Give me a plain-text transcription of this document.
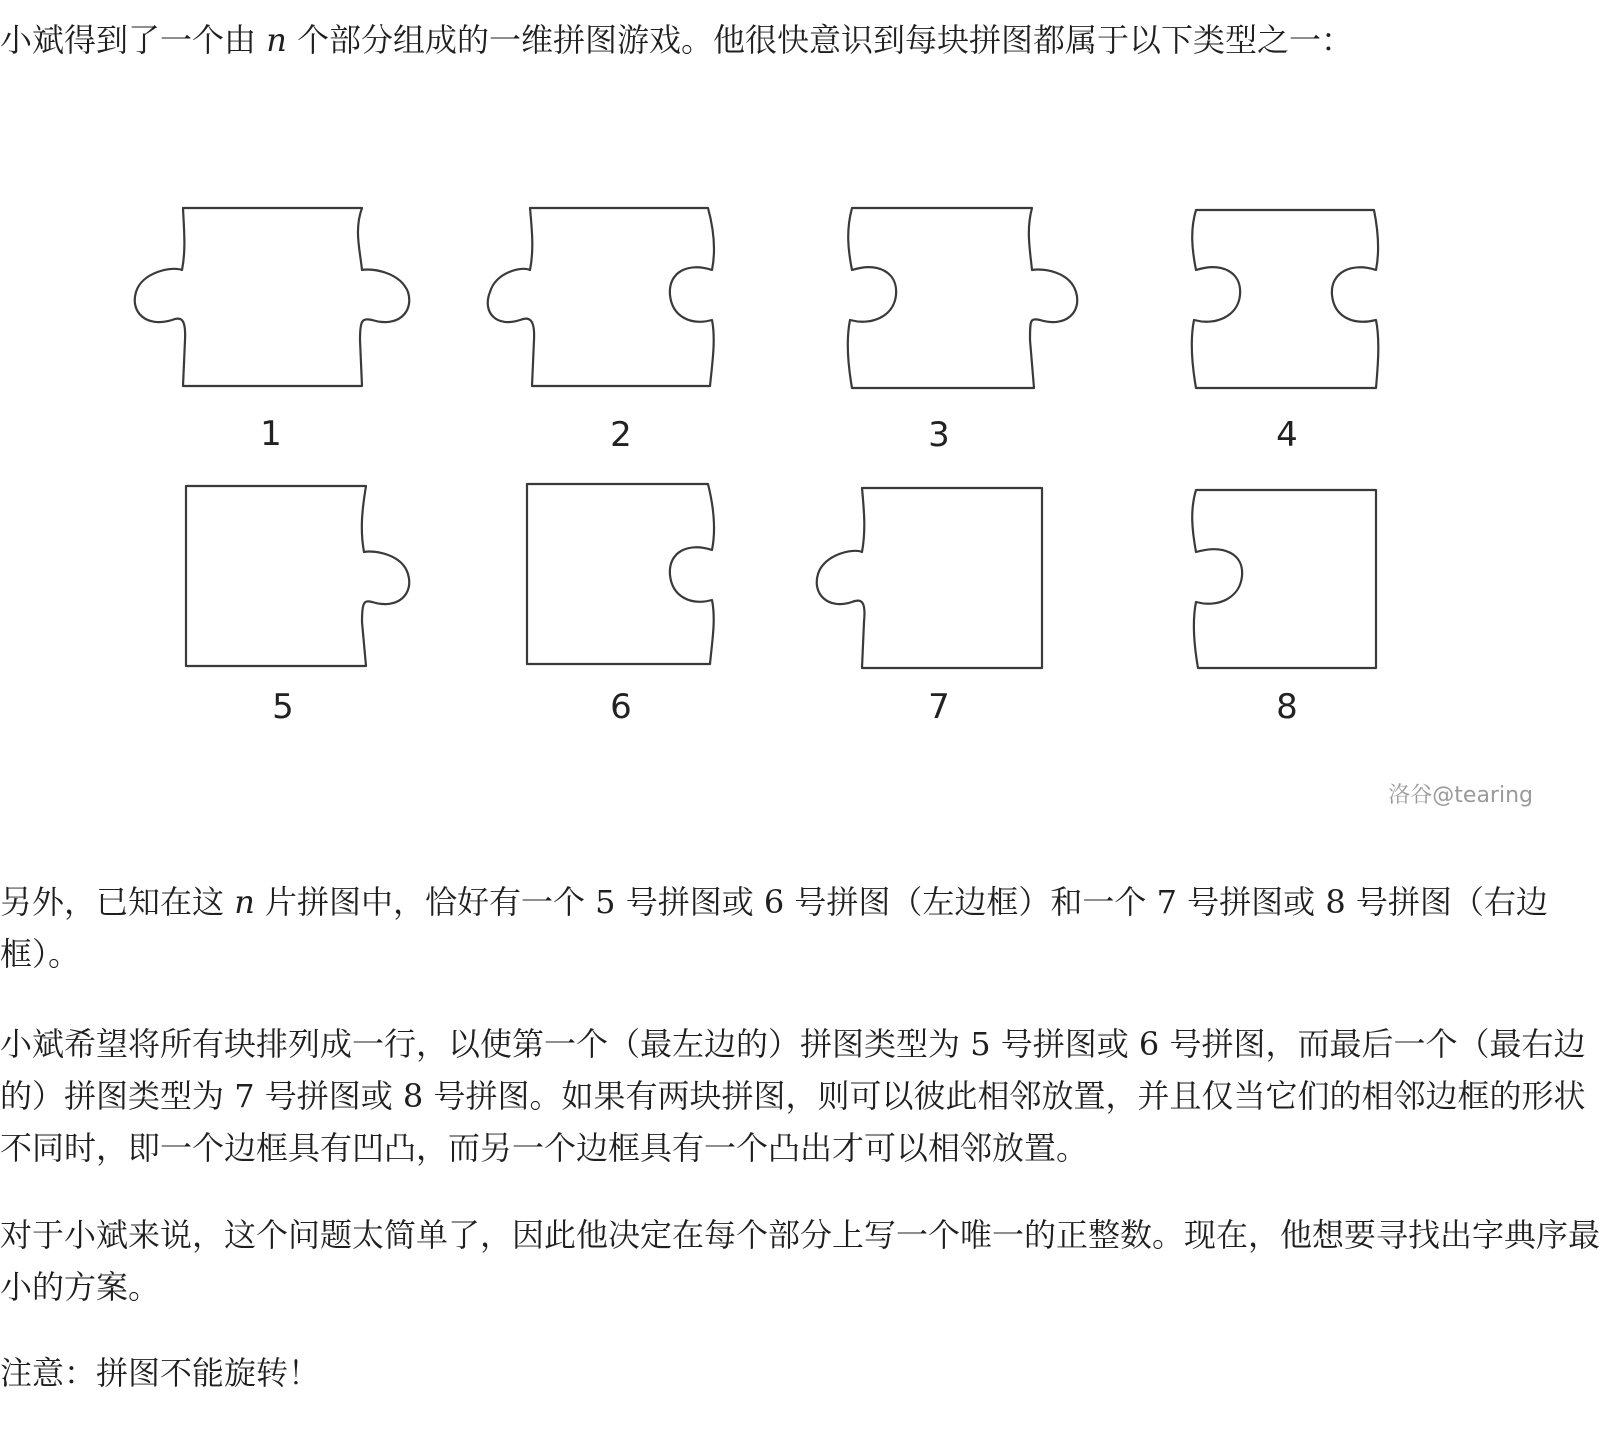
小斌得到了一个由 n 个部分组成的一维拼图游戏。他很快意识到每块拼图都属于以下类型之一：

1	2	3	4
5	6	7	8
洛谷@tearing

另外，已知在这 n 片拼图中，恰好有一个 5 号拼图或 6 号拼图（左边框）和一个 7 号拼图或 8 号拼图（右边框）。

小斌希望将所有块排列成一行，以使第一个（最左边的）拼图类型为 5 号拼图或 6 号拼图，而最后一个（最右边的）拼图类型为 7 号拼图或 8 号拼图。如果有两块拼图，则可以彼此相邻放置，并且仅当它们的相邻边框的形状不同时，即一个边框具有凹凸，而另一个边框具有一个凸出才可以相邻放置。

对于小斌来说，这个问题太简单了，因此他决定在每个部分上写一个唯一的正整数。现在，他想要寻找出字典序最小的方案。

注意：拼图不能旋转！
